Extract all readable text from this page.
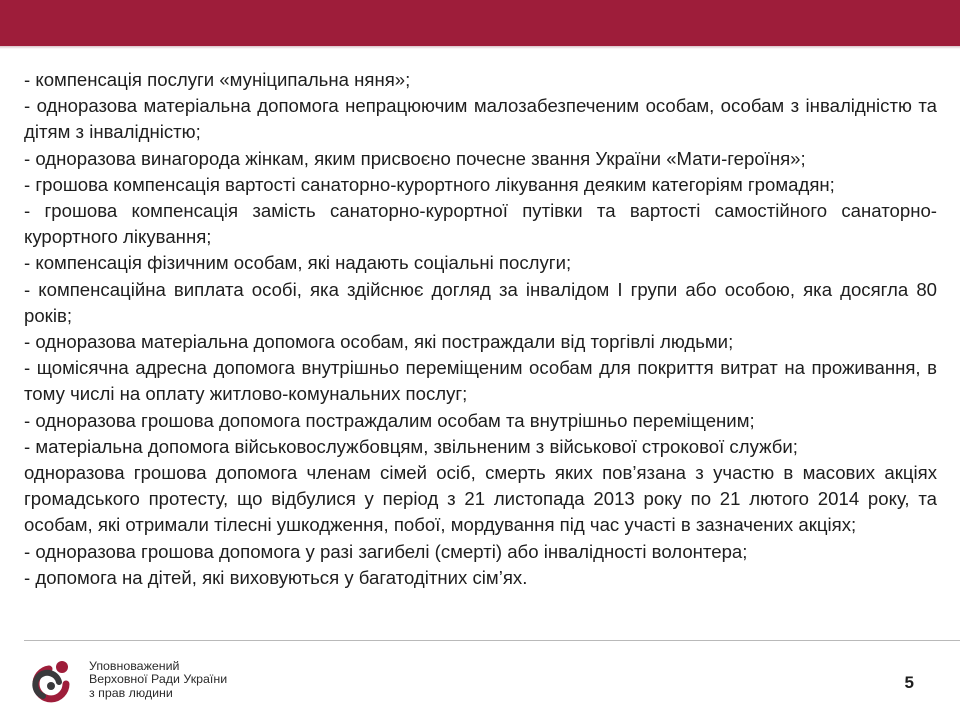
- компенсація послуги «муніципальна няня»;
- одноразова матеріальна допомога непрацюючим малозабезпеченим особам, особам з інвалідністю та дітям з інвалідністю;
- одноразова винагорода жінкам, яким присвоєно почесне звання України «Мати-героїня»;
- грошова компенсація вартості санаторно-курортного лікування деяким категоріям громадян;
- грошова компенсація замість санаторно-курортної путівки та вартості самостійного санаторно-курортного лікування;
- компенсація фізичним особам, які надають соціальні послуги;
- компенсаційна виплата особі, яка здійснює догляд за інвалідом І групи або особою, яка досягла 80 років;
- одноразова матеріальна допомога особам, які постраждали від торгівлі людьми;
- щомісячна адресна допомога внутрішньо переміщеним особам для покриття витрат на проживання, в тому числі на оплату житлово-комунальних послуг;
- одноразова грошова допомога постраждалим особам та внутрішньо переміщеним;
- матеріальна допомога військовослужбовцям, звільненим з військової строкової служби;
одноразова грошова допомога членам сімей осіб, смерть яких пов’язана з участю в масових акціях громадського протесту, що відбулися у період з 21 листопада 2013 року по 21 лютого 2014 року, та особам, які отримали тілесні ушкодження, побої, мордування під час участі в зазначених акціях;
- одноразова грошова допомога у разі загибелі (смерті) або інвалідності волонтера;
- допомога на дітей, які виховуються у багатодітних сім’ях.
Уповноважений
Верховної Ради України
з прав людини
5
